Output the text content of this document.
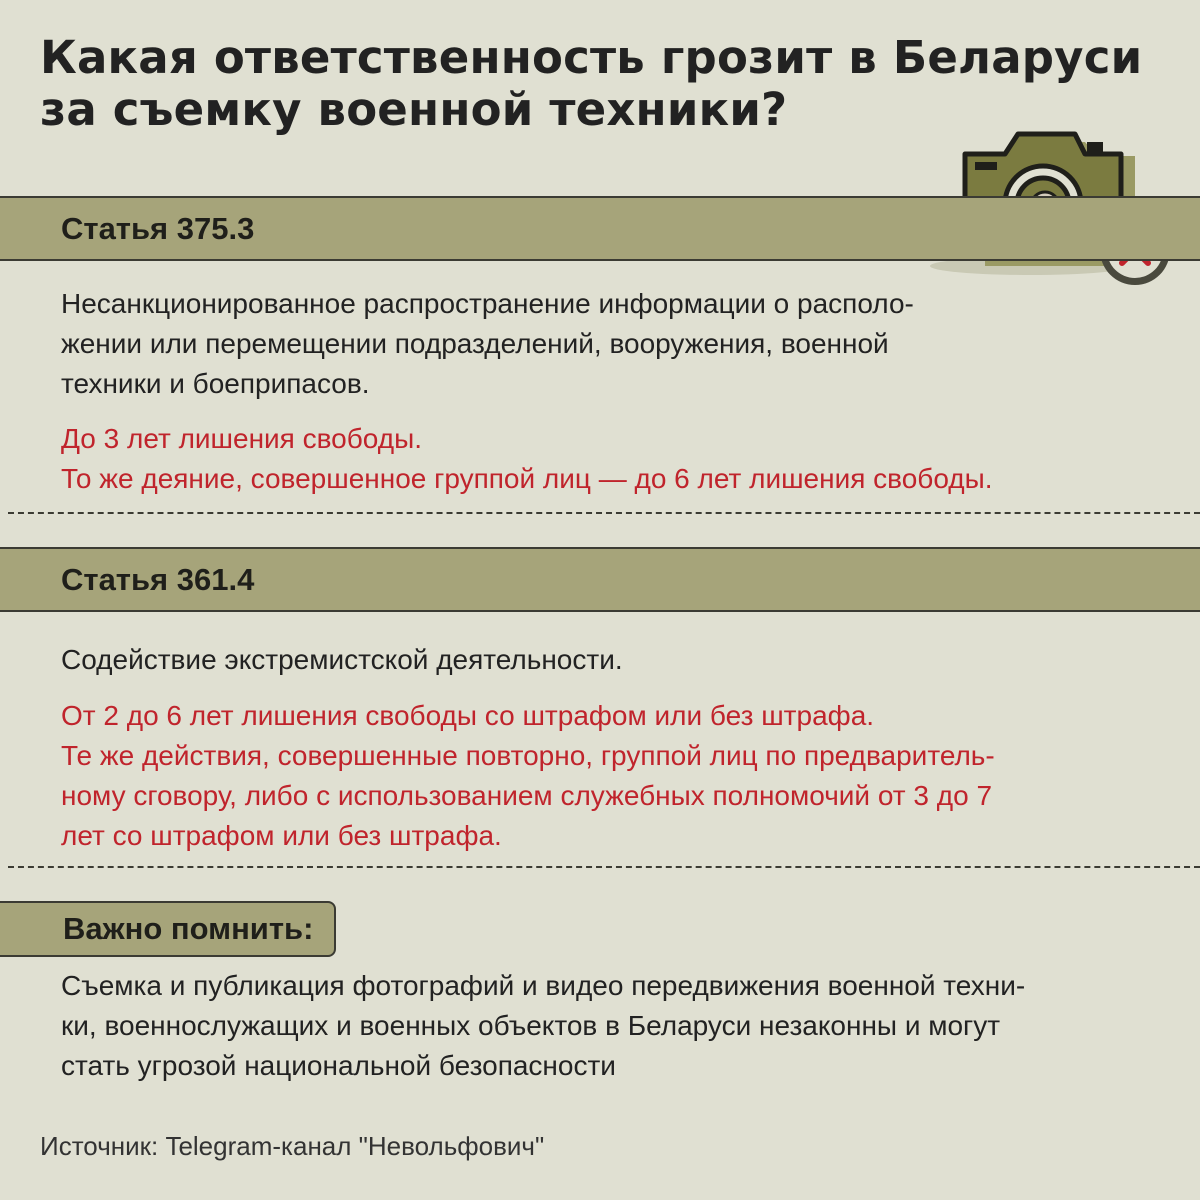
Какая ответственность грозит в Беларуси
за съемку военной техники?
Статья 375.3
Несанкционированное распространение информации о располо-
жении или перемещении подразделений, вооружения, военной
техники и боеприпасов.
До 3 лет лишения свободы.
То же деяние, совершенное группой лиц — до 6 лет лишения свободы.
Статья 361.4
Содействие экстремистской деятельности.
От 2 до 6 лет лишения свободы со штрафом или без штрафа.
Те же действия, совершенные повторно, группой лиц по предваритель-
ному сговору, либо с использованием служебных полномочий от 3 до 7
лет со штрафом или без штрафа.
Важно помнить:
Съемка и публикация фотографий и видео передвижения военной техни-
ки, военнослужащих и военных объектов в Беларуси незаконны и могут
стать угрозой национальной безопасности
Источник: Telegram-канал "Невольфович"
